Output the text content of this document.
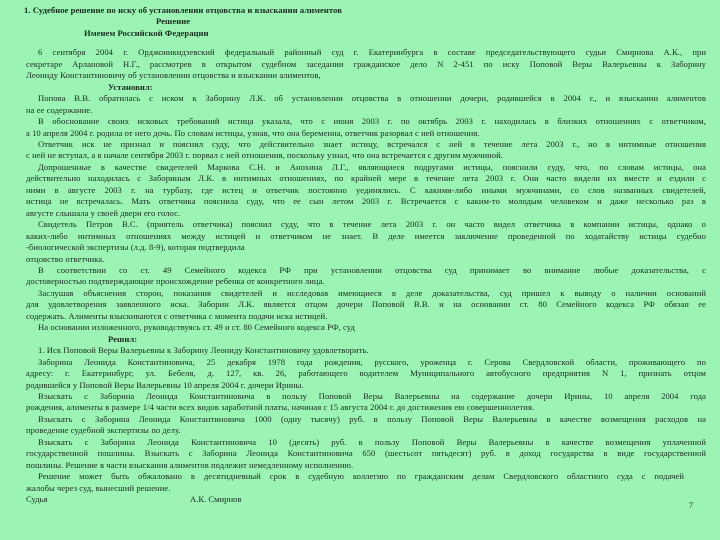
1. Судебное решение по иску об установлении отцовства и взыскании алиментов
Решение
Именем Российской Федерации
6 сентября 2004 г. Орджоникидзевский федеральный районный суд г. Екатеринбурга в составе председательствующего судьи Смирнова А.К., при
секретаре Арлановой Н.Г., рассмотрев в открытом судебном заседании гражданское дело N 2-451 по иску Поповой Веры Валерьевны к Заборину
Леониду Константиновичу об установлении отцовства и взыскании алиментов,
Установил:
Попова В.В. обратилась с иском к Заборину Л.К. об установлении отцовства в отношении дочери, родившейся в 2004 г., и взыскании алиментов
на ее содержание.
В обоснование своих исковых требований истица указала, что с июня 2003 г. по октябрь 2003 г. находилась в близких отношениях с ответчиком,
а 10 апреля 2004 г. родила от него дочь. По словам истицы, узнав, что она беременна, ответчик разорвал с ней отношения.
Ответчик иск не признал и пояснил суду, что действительно знает истицу, встречался с ней в течение лета 2003 г., но в интимные отношения
с ней не вступал, а в начале сентября 2003 г. порвал с ней отношения, поскольку узнал, что она встречается с другим мужчиной.
Допрошенные в качестве свидетелей Маркова С.Н. и Анохина Л.Г., являющиеся подругами истицы, пояснили суду, что, по словам истицы, она
действительно находилась с Забориным Л.К. в интимных отношениях, по крайней мере в течение лета 2003 г. Они часто видели их вместе и ездили с
ними в августе 2003 г. на турбазу, где истец и ответчик постоянно уединялись. С какими-либо иными мужчинами, со слов названных свидетелей,
истица не встречалась. Мать ответчика пояснила суду, что ее сын летом 2003 г. Встречается с каким-то молодым человеком и даже несколько раз в
августе слышала у своей двери его голос.
Свидетель Петров В.С. (приятель ответчика) пояснил суду, что в течение лета 2003 г. он часто видел ответчика в компании истицы, однако о
каких-либо интимных отношениях между истицей и ответчиком не знает. В деле имеется заключение проведенной по ходатайству истицы судебно
-биологической экспертизы (л.д. 8-9), которая подтвердила
отцовство ответчика.
В соответствии со ст. 49 Семейного кодекса РФ при установлении отцовства суд принимает во внимание любые доказательства, с
достоверностью подтверждающие происхождение ребенка от конкретного лица.
Заслушав объяснения сторон, показания свидетелей и исследовав имеющиеся в деле доказательства, суд пришел к выводу о наличии оснований
для удовлетворения заявленного иска. Заборин Л.К. является отцом дочери Поповой В.В. и на основании ст. 80 Семейного кодекса РФ обязан ее
содержать. Алименты взыскиваются с ответчика с момента подачи иска истицей.
На основании изложенного, руководствуясь ст. 49 и ст. 80 Семейного кодекса РФ, суд
Решил:
1. Иск Поповой Веры Валерьевны к Заборину Леониду Константиновичу удовлетворить.
Заборина Леонида Константиновича, 25 декабря 1978 года рождения, русского, уроженца г. Серова Свердловской области, проживающего по
адресу: г. Екатеринбург, ул. Бебеля, д. 127, кв. 26, работающего водителем Муниципального автобусного предприятия N 1, признать отцом
родившейся у Поповой Веры Валерьевны 10 апреля 2004 г. дочери Ирины.
Взыскать с Заборина Леонида Константиновича в пользу Поповой Веры Валерьевны на содержание дочери Ирины, 10 апреля 2004 года
рождения, алименты в размере 1/4 части всех видов заработной платы, начиная с 15 августа 2004 г. до достижения ею совершеннолетия.
Взыскать с Заборина Леонида Константиновича 1000 (одну тысячу) руб. в пользу Поповой Веры Валерьевны в качестве возмещения расходов на
проведение судебной экспертизы по делу.
Взыскать с Заборина Леонида Константиновича 10 (десять) руб. в пользу Поповой Веры Валерьевны в качестве возмещения уплаченной
государственной пошлины. Взыскать с Заборина Леонида Константиновича 650 (шестьсот пятьдесят) руб. в доход государства в виде государственной
пошлины. Решение в части взыскания алиментов подлежит немедленному исполнению.
Решение может быть обжаловано в десятидневный срок в судебную коллегию по гражданским делам Свердловского областного суда с подачей
жалобы через суд, вынесший решение.
Судья	А.К. Смирнов
7
